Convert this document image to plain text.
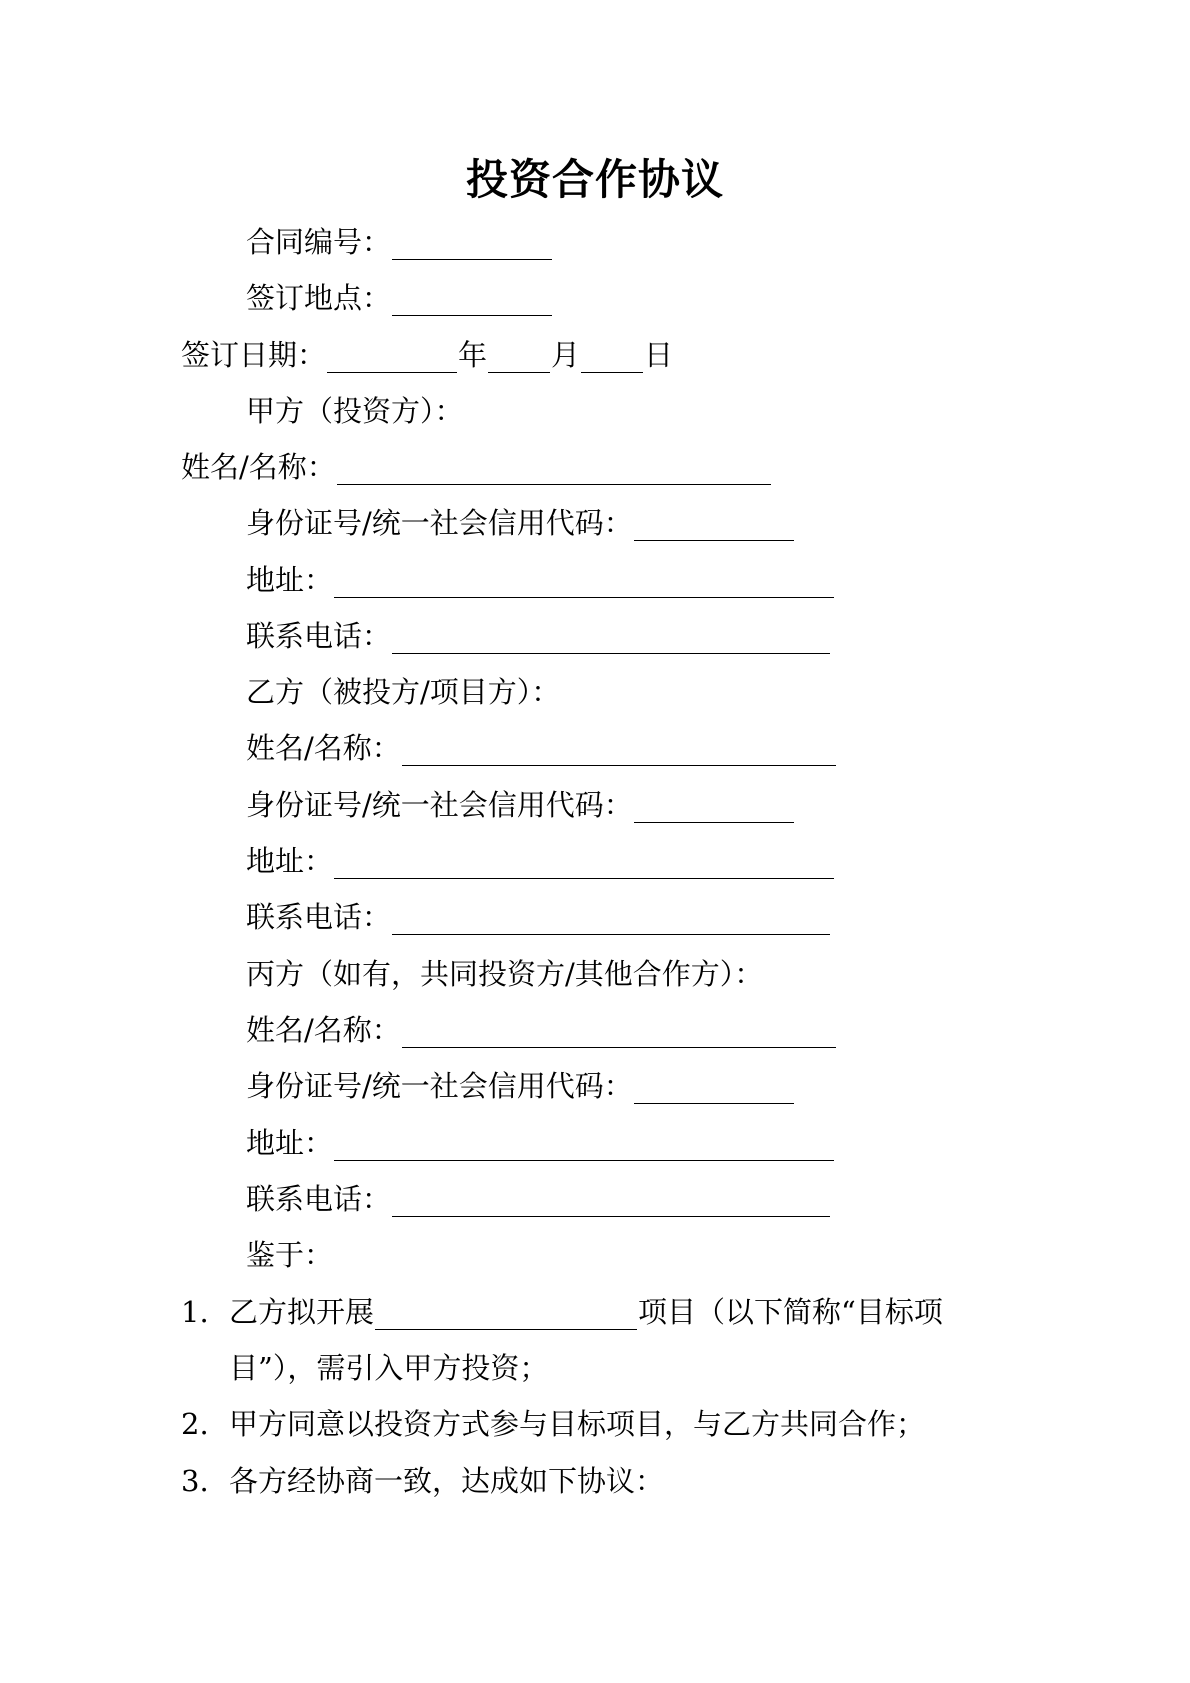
投资合作协议
合同编号：
签订地点：
签订日期：	年 月 日
甲方（投资方）：
姓名/名称：
身份证号/统一社会信用代码：
地址：
联系电话：
乙方（被投方/项目方）：
姓名/名称：
身份证号/统一社会信用代码：
地址：
联系电话：
丙方（如有，共同投资方/其他合作方）：
姓名/名称：
身份证号/统一社会信用代码：
地址：
联系电话：
鉴于：
1. 乙方拟开展	项目（以下简称“目标项
目”），需引入甲方投资；
2. 甲方同意以投资方式参与目标项目，与乙方共同合作；
3. 各方经协商一致，达成如下协议：
